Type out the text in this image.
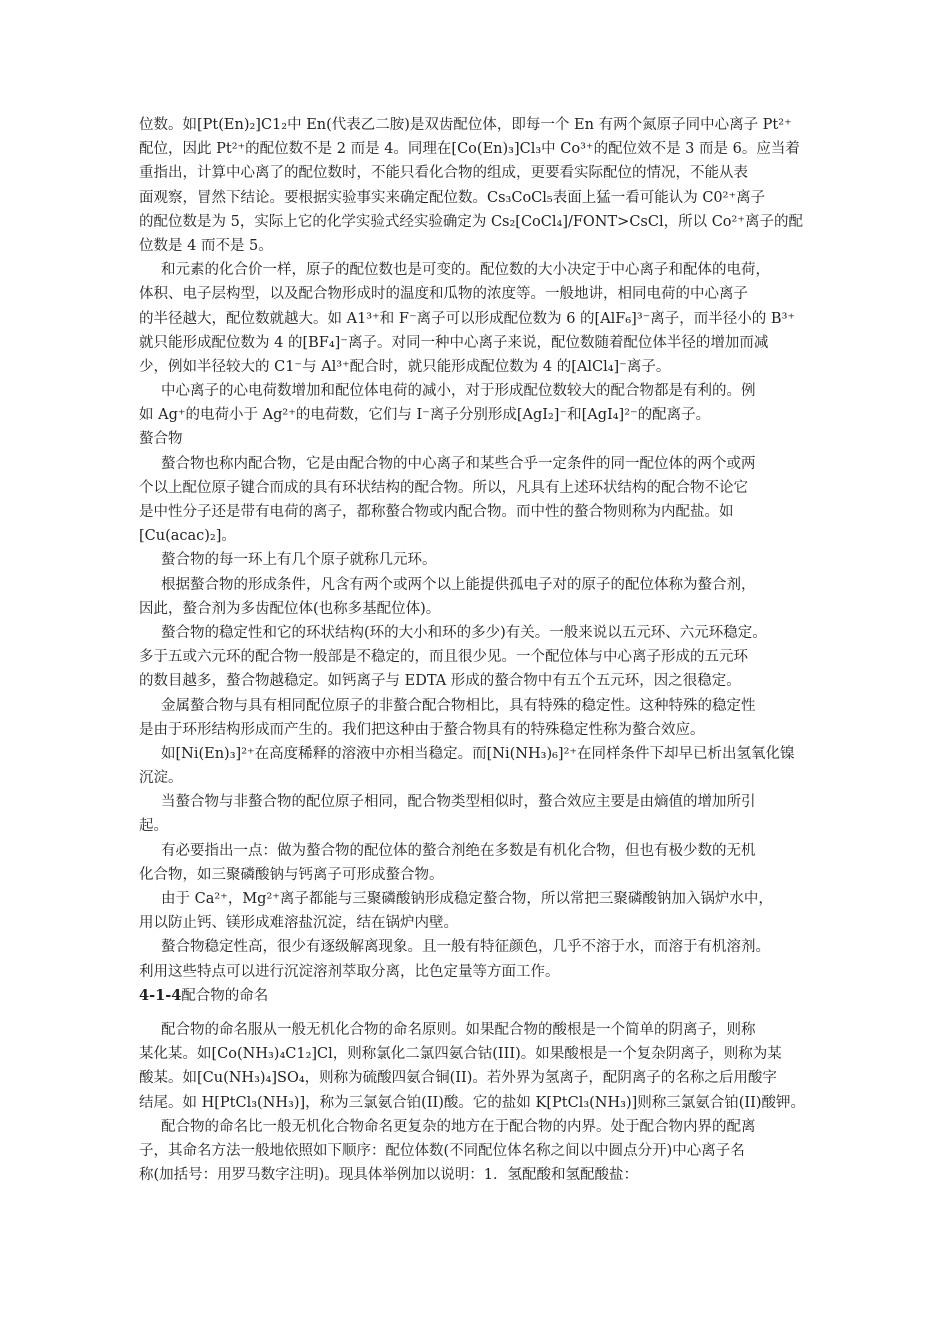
位数。如[Pt(En)₂]C1₂中 En(代表乙二胺)是双齿配位体，即每一个 En 有两个氮原子同中心离子 Pt²⁺
配位，因此 Pt²⁺的配位数不是 2 而是 4。同理在[Co(En)₃]Cl₃中 Co³⁺的配位效不是 3 而是 6。应当着
重指出，计算中心离了的配位数时，不能只看化合物的组成，更要看实际配位的情况，不能从表
面观察，冒然下结论。要根据实验事实来确定配位数。Cs₃CoCl₅表面上猛一看可能认为 C0²⁺离子
的配位数是为 5，实际上它的化学实验式经实验确定为 Cs₂[CoCl₄]/FONT>CsCl，所以 Co²⁺离子的配
位数是 4 而不是 5。
和元素的化合价一样，原子的配位数也是可变的。配位数的大小决定于中心离子和配体的电荷，
体积、电子层构型，以及配合物形成时的温度和瓜物的浓度等。一般地讲，相同电荷的中心离子
的半径越大，配位数就越大。如 A1³⁺和 F⁻离子可以形成配位数为 6 的[AlF₆]³⁻离子，而半径小的 B³⁺
就只能形成配位数为 4 的[BF₄]⁻离子。对同一种中心离子来说，配位数随着配位体半径的增加而减
少，例如半径较大的 C1⁻与 Al³⁺配合时，就只能形成配位数为 4 的[AlCl₄]⁻离子。
中心离子的心电荷数增加和配位体电荷的减小，对于形成配位数较大的配合物都是有利的。例
如 Ag⁺的电荷小于 Ag²⁺的电荷数，它们与 I⁻离子分别形成[AgI₂]⁻和[AgI₄]²⁻的配离子。
螯合物
螯合物也称内配合物，它是由配合物的中心离子和某些合乎一定条件的同一配位体的两个或两
个以上配位原子键合而成的具有环状结构的配合物。所以，凡具有上述环状结构的配合物不论它
是中性分子还是带有电荷的离子，都称螯合物或内配合物。而中性的螯合物则称为内配盐。如
[Cu(acac)₂]。
螯合物的每一环上有几个原子就称几元环。
根据螯合物的形成条件，凡含有两个或两个以上能提供孤电子对的原子的配位体称为螯合剂，
因此，螯合剂为多齿配位体(也称多基配位体)。
螯合物的稳定性和它的环状结构(环的大小和环的多少)有关。一般来说以五元环、六元环稳定。
多于五或六元环的配合物一般部是不稳定的，而且很少见。一个配位体与中心离子形成的五元环
的数目越多，螯合物越稳定。如钙离子与 EDTA 形成的螯合物中有五个五元环，因之很稳定。
金属螯合物与具有相同配位原子的非螯合配合物相比，具有特殊的稳定性。这种特殊的稳定性
是由于环形结构形成而产生的。我们把这种由于螯合物具有的特殊稳定性称为螯合效应。
如[Ni(En)₃]²⁺在高度稀释的溶液中亦相当稳定。而[Ni(NH₃)₆]²⁺在同样条件下却早已析出氢氧化镍
沉淀。
当螯合物与非螯合物的配位原子相同，配合物类型相似时，螯合效应主要是由熵值的增加所引
起。
有必要指出一点：做为螯合物的配位体的螯合剂绝在多数是有机化合物，但也有极少数的无机
化合物，如三聚磷酸钠与钙离子可形成螯合物。
由于 Ca²⁺，Mg²⁺离子都能与三聚磷酸钠形成稳定螯合物，所以常把三聚磷酸钠加入锅炉水中，
用以防止钙、镁形成难溶盐沉淀，结在锅炉内壁。
螯合物稳定性高，很少有逐级解离现象。且一般有特征颜色，几乎不溶于水，而溶于有机溶剂。
利用这些特点可以进行沉淀溶剂萃取分离，比色定量等方面工作。
4-1-4配合物的命名
配合物的命名服从一般无机化合物的命名原则。如果配合物的酸根是一个简单的阴离子，则称
某化某。如[Co(NH₃)₄C1₂]Cl，则称氯化二氯四氨合钴(III)。如果酸根是一个复杂阴离子，则称为某
酸某。如[Cu(NH₃)₄]SO₄，则称为硫酸四氨合铜(II)。若外界为氢离子，配阴离子的名称之后用酸字
结尾。如 H[PtCl₃(NH₃)]，称为三氯氨合铂(II)酸。它的盐如 K[PtCl₃(NH₃)]则称三氯氨合铂(II)酸钾。
配合物的命名比一般无机化合物命名更复杂的地方在于配合物的内界。处于配合物内界的配离
子，其命名方法一般地依照如下顺序：配位体数(不同配位体名称之间以中圆点分开)中心离子名
称(加括号：用罗马数字注明)。现具体举例加以说明：1．氢配酸和氢配酸盐：
